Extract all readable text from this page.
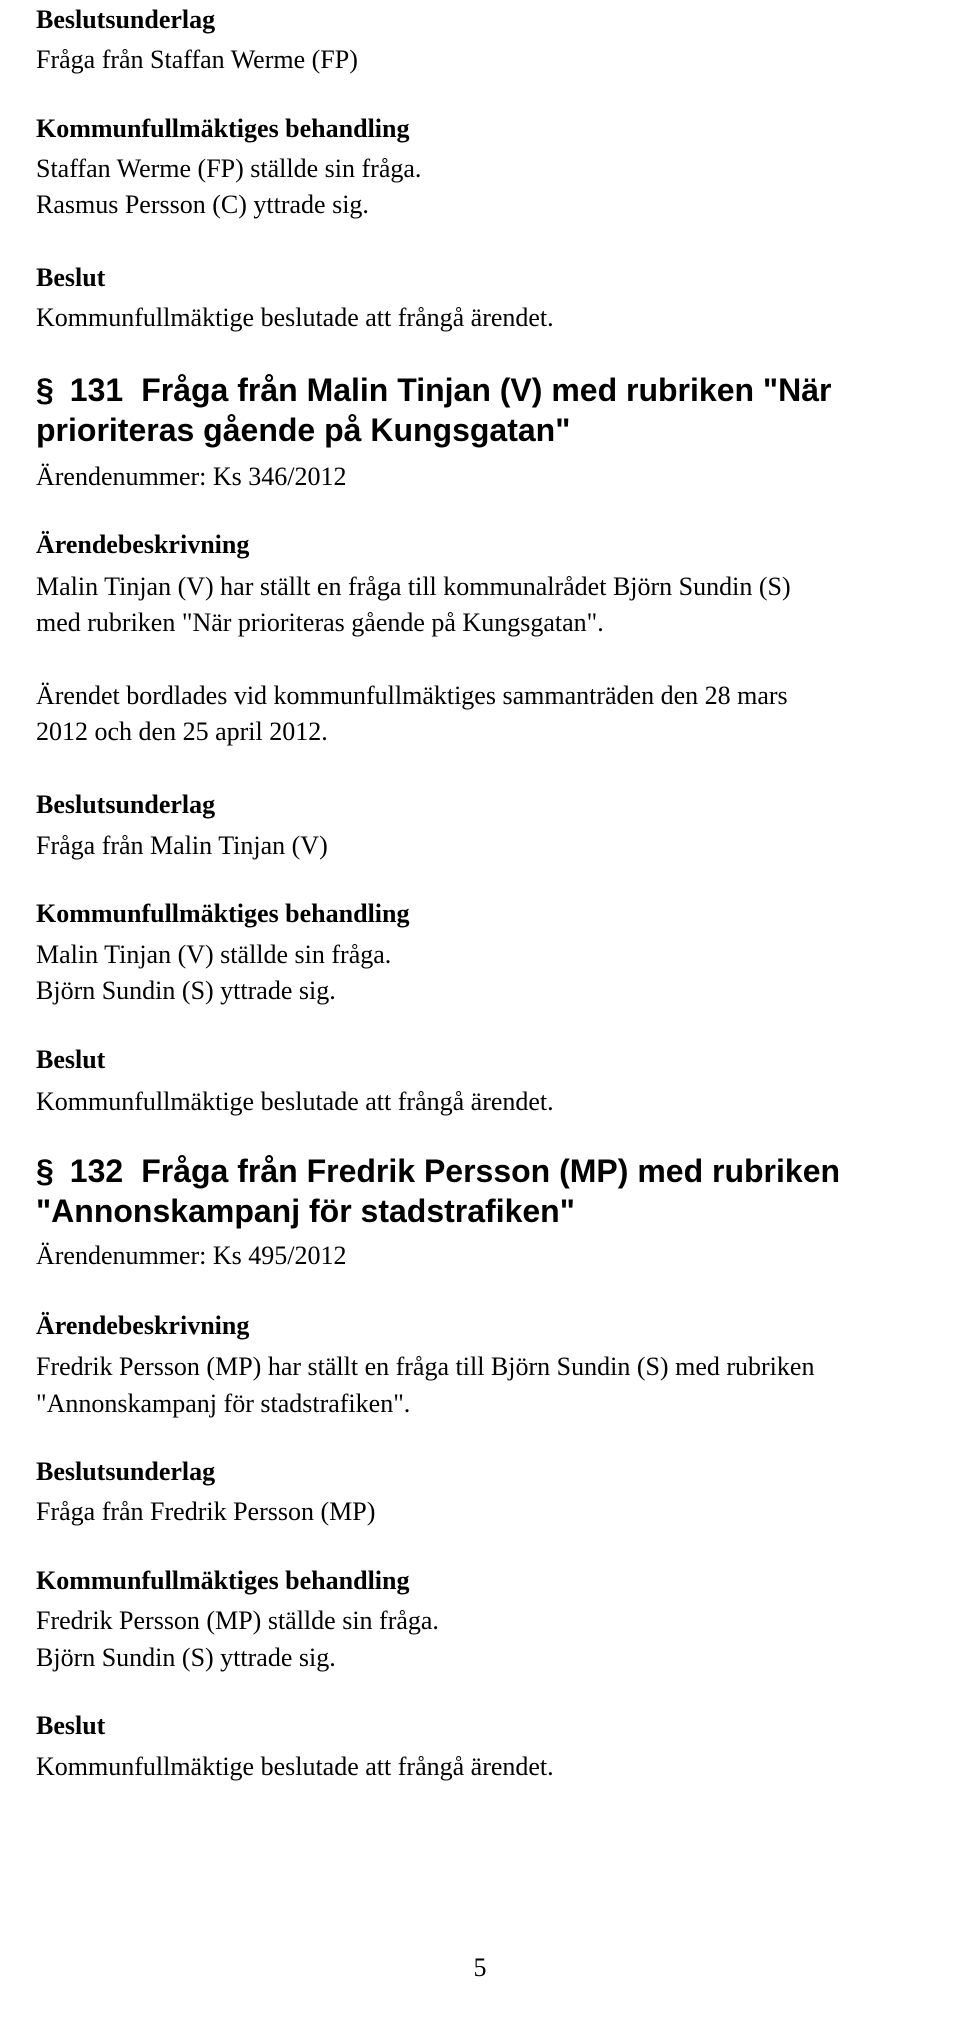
Beslutsunderlag
Fråga från Staffan Werme (FP)
Kommunfullmäktiges behandling
Staffan Werme (FP) ställde sin fråga.
Rasmus Persson (C) yttrade sig.
Beslut
Kommunfullmäktige beslutade att frångå ärendet.
§ 131 Fråga från Malin Tinjan (V) med rubriken "När
prioriteras gående på Kungsgatan"
Ärendenummer: Ks 346/2012
Ärendebeskrivning
Malin Tinjan (V) har ställt en fråga till kommunalrådet Björn Sundin (S)
med rubriken "När prioriteras gående på Kungsgatan".
Ärendet bordlades vid kommunfullmäktiges sammanträden den 28 mars
2012 och den 25 april 2012.
Beslutsunderlag
Fråga från Malin Tinjan (V)
Kommunfullmäktiges behandling
Malin Tinjan (V) ställde sin fråga.
Björn Sundin (S) yttrade sig.
Beslut
Kommunfullmäktige beslutade att frångå ärendet.
§ 132 Fråga från Fredrik Persson (MP) med rubriken
"Annonskampanj för stadstrafiken"
Ärendenummer: Ks 495/2012
Ärendebeskrivning
Fredrik Persson (MP) har ställt en fråga till Björn Sundin (S) med rubriken
"Annonskampanj för stadstrafiken".
Beslutsunderlag
Fråga från Fredrik Persson (MP)
Kommunfullmäktiges behandling
Fredrik Persson (MP) ställde sin fråga.
Björn Sundin (S) yttrade sig.
Beslut
Kommunfullmäktige beslutade att frångå ärendet.
5
